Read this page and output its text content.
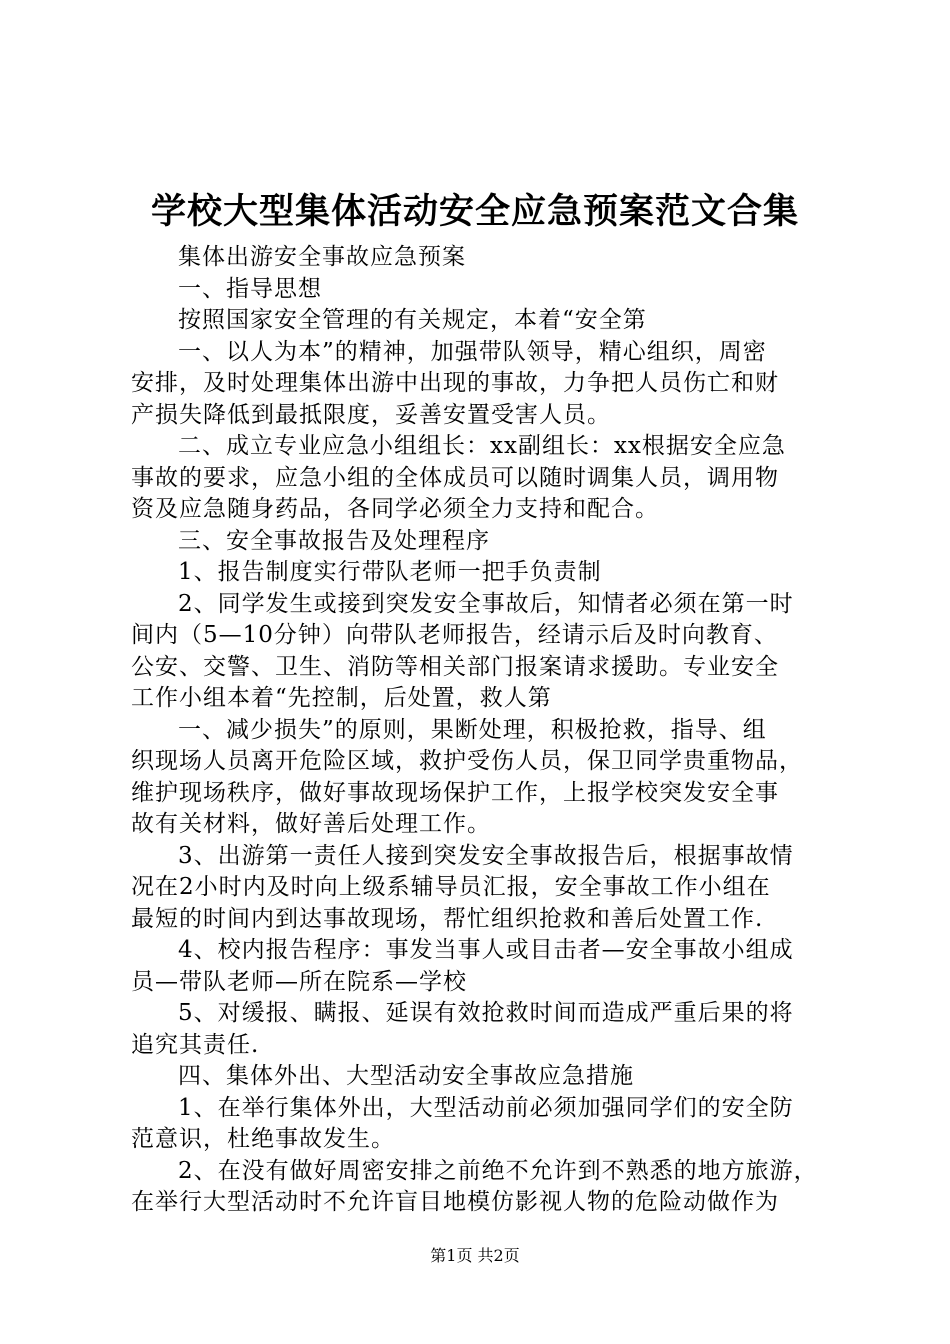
学校大型集体活动安全应急预案范文合集
集体出游安全事故应急预案
一、指导思想
按照国家安全管理的有关规定，本着“安全第
一、以人为本”的精神，加强带队领导，精心组织，周密
安排，及时处理集体出游中出现的事故，力争把人员伤亡和财
产损失降低到最抵限度，妥善安置受害人员。
二、成立专业应急小组组长：xx副组长：xx根据安全应急
事故的要求，应急小组的全体成员可以随时调集人员，调用物
资及应急随身药品，各同学必须全力支持和配合。
三、安全事故报告及处理程序
1、报告制度实行带队老师一把手负责制
2、同学发生或接到突发安全事故后，知情者必须在第一时
间内（5—10分钟）向带队老师报告，经请示后及时向教育、
公安、交警、卫生、消防等相关部门报案请求援助。专业安全
工作小组本着“先控制，后处置，救人第
一、减少损失”的原则，果断处理，积极抢救，指导、组
织现场人员离开危险区域，救护受伤人员，保卫同学贵重物品，
维护现场秩序，做好事故现场保护工作，上报学校突发安全事
故有关材料，做好善后处理工作。
3、出游第一责任人接到突发安全事故报告后，根据事故情
况在2小时内及时向上级系辅导员汇报，安全事故工作小组在
最短的时间内到达事故现场，帮忙组织抢救和善后处置工作.
4、校内报告程序：事发当事人或目击者—安全事故小组成
员—带队老师—所在院系—学校
5、对缓报、瞒报、延误有效抢救时间而造成严重后果的将
追究其责任.
四、集体外出、大型活动安全事故应急措施
1、在举行集体外出，大型活动前必须加强同学们的安全防
范意识，杜绝事故发生。
2、在没有做好周密安排之前绝不允许到不熟悉的地方旅游，
在举行大型活动时不允许盲目地模仿影视人物的危险动做作为
第1页 共2页
